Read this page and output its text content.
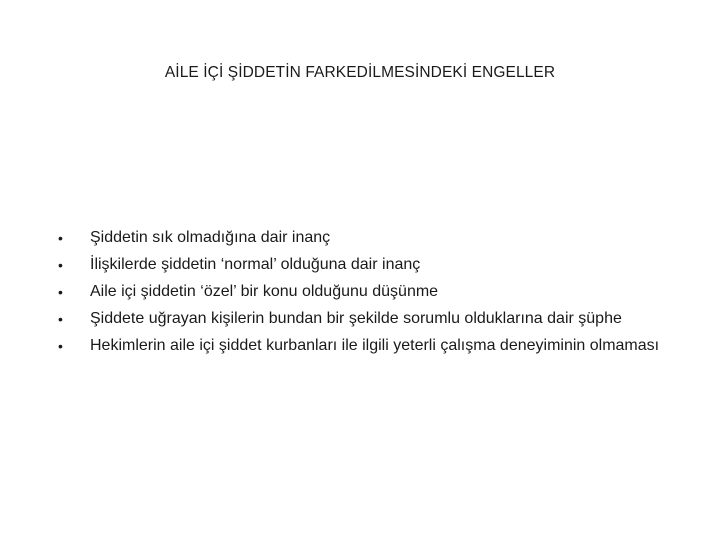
AİLE İÇİ ŞİDDETİN FARKEDİLMESİNDEKİ ENGELLER
• Şiddetin sık olmadığına dair inanç
• İlişkilerde şiddetin ‘normal’ olduğuna dair inanç
• Aile içi şiddetin ‘özel’ bir konu olduğunu düşünme
• Şiddete uğrayan kişilerin bundan bir şekilde sorumlu olduklarına dair şüphe
• Hekimlerin aile içi şiddet kurbanları ile ilgili yeterli çalışma deneyiminin olmaması
